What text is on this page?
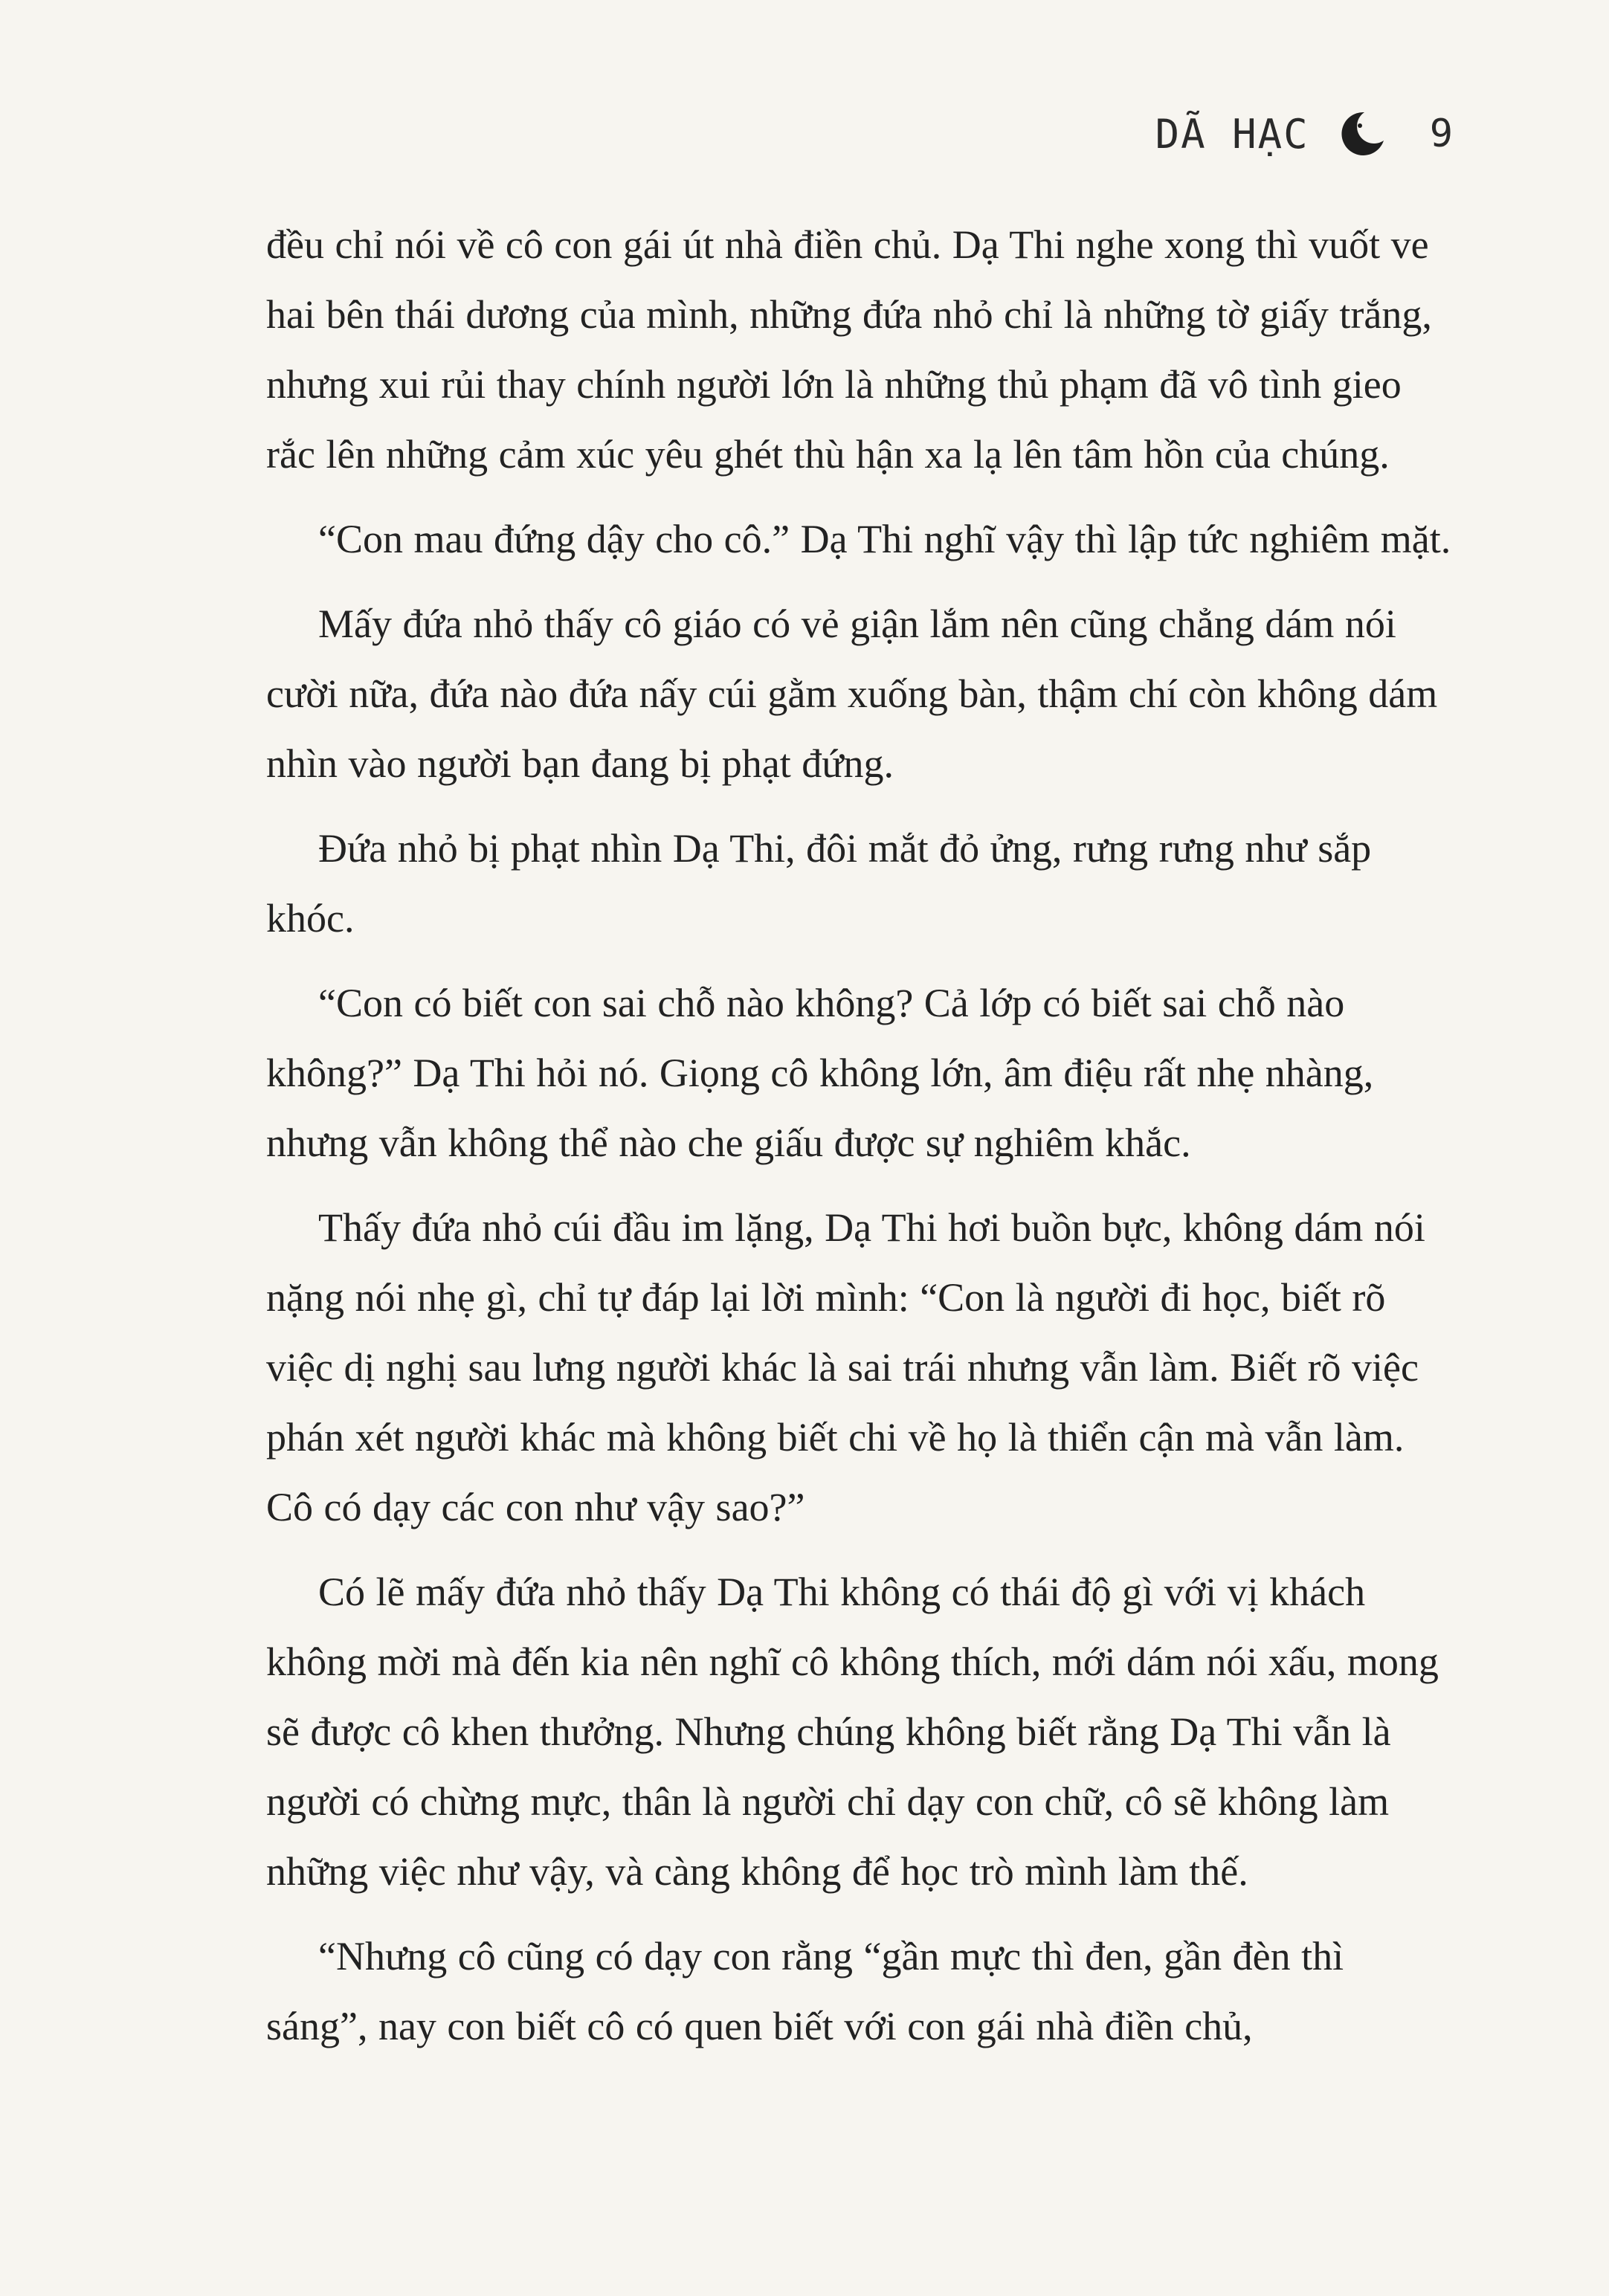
DÃ HẠC	9

đều chỉ nói về cô con gái út nhà điền chủ. Dạ Thi nghe xong thì vuốt ve hai bên thái dương của mình, những đứa nhỏ chỉ là những tờ giấy trắng, nhưng xui rủi thay chính người lớn là những thủ phạm đã vô tình gieo rắc lên những cảm xúc yêu ghét thù hận xa lạ lên tâm hồn của chúng.

“Con mau đứng dậy cho cô.” Dạ Thi nghĩ vậy thì lập tức nghiêm mặt.

Mấy đứa nhỏ thấy cô giáo có vẻ giận lắm nên cũng chẳng dám nói cười nữa, đứa nào đứa nấy cúi gằm xuống bàn, thậm chí còn không dám nhìn vào người bạn đang bị phạt đứng.

Đứa nhỏ bị phạt nhìn Dạ Thi, đôi mắt đỏ ửng, rưng rưng như sắp khóc.

“Con có biết con sai chỗ nào không? Cả lớp có biết sai chỗ nào không?” Dạ Thi hỏi nó. Giọng cô không lớn, âm điệu rất nhẹ nhàng, nhưng vẫn không thể nào che giấu được sự nghiêm khắc.

Thấy đứa nhỏ cúi đầu im lặng, Dạ Thi hơi buồn bực, không dám nói nặng nói nhẹ gì, chỉ tự đáp lại lời mình: “Con là người đi học, biết rõ việc dị nghị sau lưng người khác là sai trái nhưng vẫn làm. Biết rõ việc phán xét người khác mà không biết chi về họ là thiển cận mà vẫn làm. Cô có dạy các con như vậy sao?”

Có lẽ mấy đứa nhỏ thấy Dạ Thi không có thái độ gì với vị khách không mời mà đến kia nên nghĩ cô không thích, mới dám nói xấu, mong sẽ được cô khen thưởng. Nhưng chúng không biết rằng Dạ Thi vẫn là người có chừng mực, thân là người chỉ dạy con chữ, cô sẽ không làm những việc như vậy, và càng không để học trò mình làm thế.

“Nhưng cô cũng có dạy con rằng “gần mực thì đen, gần đèn thì sáng”, nay con biết cô có quen biết với con gái nhà điền chủ,
